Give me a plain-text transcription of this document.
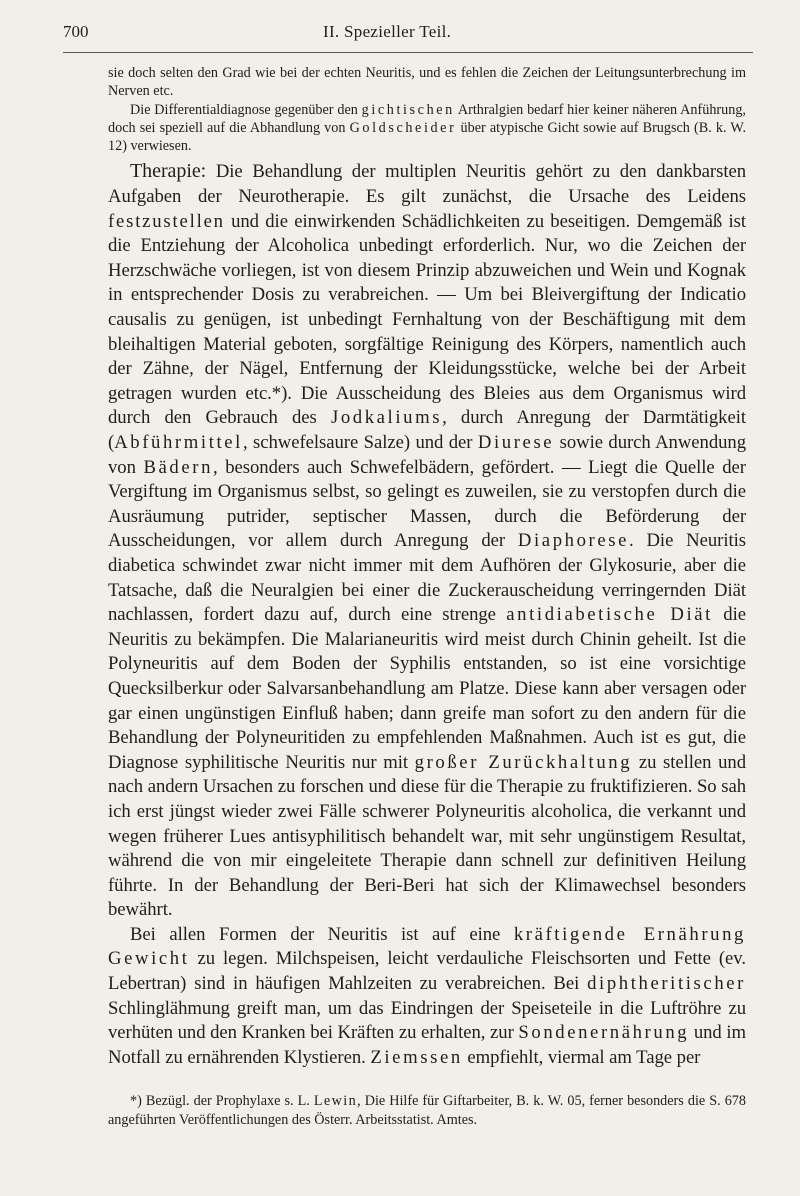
700	II. Spezieller Teil.

sie doch selten den Grad wie bei der echten Neuritis, und es fehlen die Zeichen der Leitungsunterbrechung im Nerven etc.

Die Differentialdiagnose gegenüber den gichtischen Arthralgien bedarf hier keiner näheren Anführung, doch sei speziell auf die Abhandlung von Goldscheider über atypische Gicht sowie auf Brugsch (B. k. W. 12) verwiesen.

Therapie: Die Behandlung der multiplen Neuritis gehört zu den dankbarsten Aufgaben der Neurotherapie. Es gilt zunächst, die Ursache des Leidens festzustellen und die einwirkenden Schädlichkeiten zu beseitigen. Demgemäß ist die Entziehung der Alcoholica unbedingt erforderlich. Nur, wo die Zeichen der Herzschwäche vorliegen, ist von diesem Prinzip abzuweichen und Wein und Kognak in entsprechender Dosis zu verabreichen. — Um bei Bleivergiftung der Indicatio causalis zu genügen, ist unbedingt Fernhaltung von der Beschäftigung mit dem bleihaltigen Material geboten, sorgfältige Reinigung des Körpers, namentlich auch der Zähne, der Nägel, Entfernung der Kleidungsstücke, welche bei der Arbeit getragen wurden etc.*). Die Ausscheidung des Bleies aus dem Organismus wird durch den Gebrauch des Jodkaliums, durch Anregung der Darmtätigkeit (Abführmittel, schwefelsaure Salze) und der Diurese sowie durch Anwendung von Bädern, besonders auch Schwefelbädern, gefördert. — Liegt die Quelle der Vergiftung im Organismus selbst, so gelingt es zuweilen, sie zu verstopfen durch die Ausräumung putrider, septischer Massen, durch die Beförderung der Ausscheidungen, vor allem durch Anregung der Diaphorese. Die Neuritis diabetica schwindet zwar nicht immer mit dem Aufhören der Glykosurie, aber die Tatsache, daß die Neuralgien bei einer die Zuckerauscheidung verringernden Diät nachlassen, fordert dazu auf, durch eine strenge antidiabetische Diät die Neuritis zu bekämpfen. Die Malarianeuritis wird meist durch Chinin geheilt. Ist die Polyneuritis auf dem Boden der Syphilis entstanden, so ist eine vorsichtige Quecksilberkur oder Salvarsanbehandlung am Platze. Diese kann aber versagen oder gar einen ungünstigen Einfluß haben; dann greife man sofort zu den andern für die Behandlung der Polyneuritiden zu empfehlenden Maßnahmen. Auch ist es gut, die Diagnose syphilitische Neuritis nur mit großer Zurückhaltung zu stellen und nach andern Ursachen zu forschen und diese für die Therapie zu fruktifizieren. So sah ich erst jüngst wieder zwei Fälle schwerer Polyneuritis alcoholica, die verkannt und wegen früherer Lues antisyphilitisch behandelt war, mit sehr ungünstigem Resultat, während die von mir eingeleitete Therapie dann schnell zur definitiven Heilung führte. In der Behandlung der Beri-Beri hat sich der Klimawechsel besonders bewährt.

Bei allen Formen der Neuritis ist auf eine kräftigende Ernährung Gewicht zu legen. Milchspeisen, leicht verdauliche Fleischsorten und Fette (ev. Lebertran) sind in häufigen Mahlzeiten zu verabreichen. Bei diphtheritischer Schlinglähmung greift man, um das Eindringen der Speiseteile in die Luftröhre zu verhüten und den Kranken bei Kräften zu erhalten, zur Sondenernährung und im Notfall zu ernährenden Klystieren. Ziemssen empfiehlt, viermal am Tage per

*) Bezügl. der Prophylaxe s. L. Lewin, Die Hilfe für Giftarbeiter, B. k. W. 05, ferner besonders die S. 678 angeführten Veröffentlichungen des Österr. Arbeitsstatist. Amtes.
